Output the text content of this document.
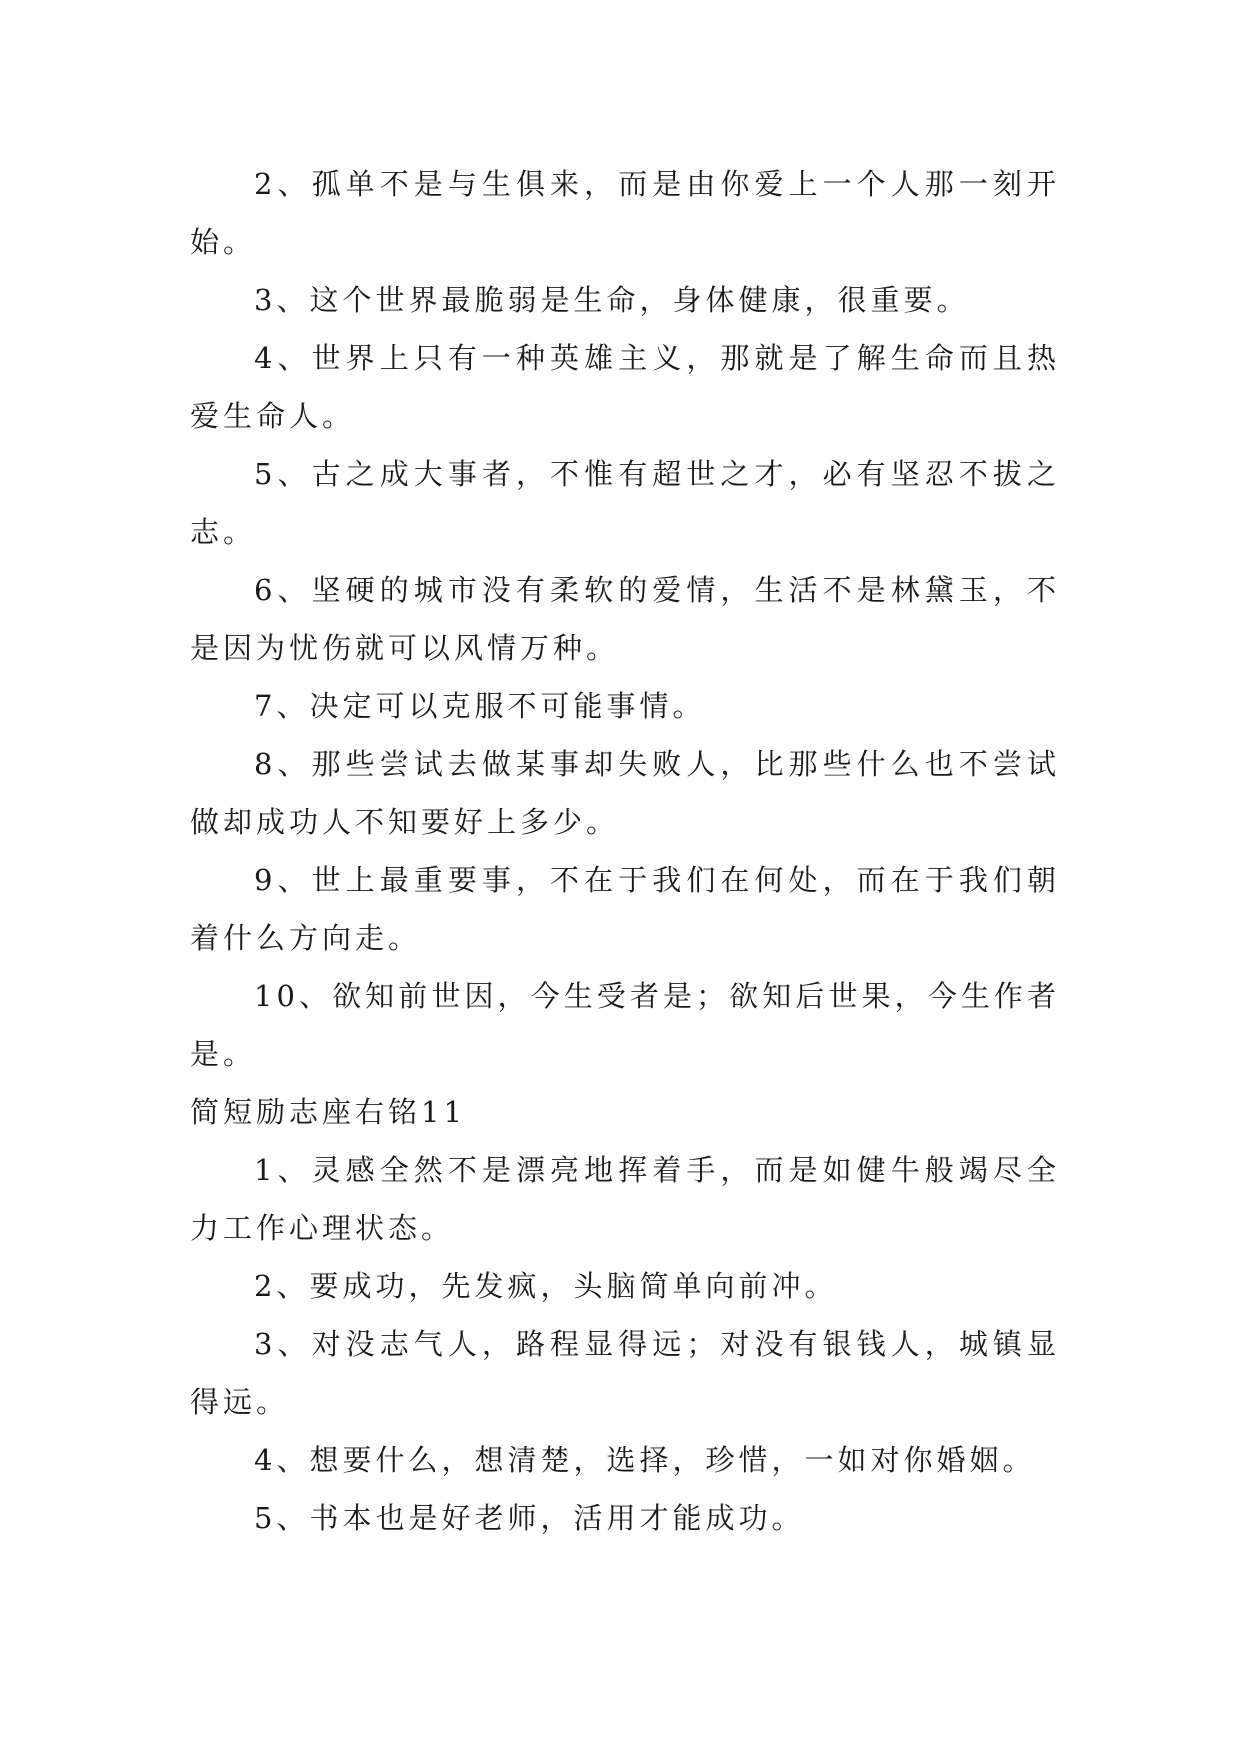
2、孤单不是与生俱来，而是由你爱上一个人那一刻开始。

3、这个世界最脆弱是生命，身体健康，很重要。

4、世界上只有一种英雄主义，那就是了解生命而且热爱生命人。

5、古之成大事者，不惟有超世之才，必有坚忍不拔之志。

6、坚硬的城市没有柔软的爱情，生活不是林黛玉，不是因为忧伤就可以风情万种。

7、决定可以克服不可能事情。

8、那些尝试去做某事却失败人，比那些什么也不尝试做却成功人不知要好上多少。

9、世上最重要事，不在于我们在何处，而在于我们朝着什么方向走。

10、欲知前世因，今生受者是；欲知后世果，今生作者是。

简短励志座右铭11

1、灵感全然不是漂亮地挥着手，而是如健牛般竭尽全力工作心理状态。

2、要成功，先发疯，头脑简单向前冲。

3、对没志气人，路程显得远；对没有银钱人，城镇显得远。

4、想要什么，想清楚，选择，珍惜，一如对你婚姻。

5、书本也是好老师，活用才能成功。
